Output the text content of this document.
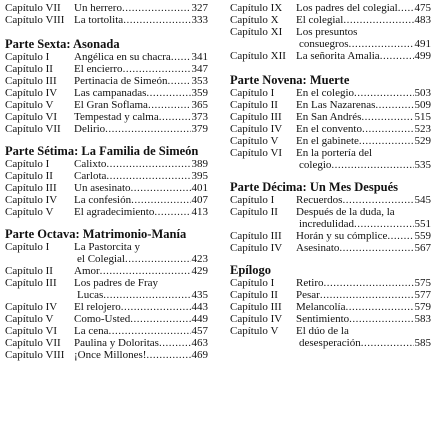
Capítulo VII	Un herrero .....	327
Capítulo VIII La tortolita .....	333
Parte Sexta: Asonada
Capítulo I	Angélica en su chacra ..... 341
Capítulo II	El encierro .....	347
Capítulo III	Pertinacia de Simeón ..... 353
Capítulo IV	Las campanadas .....	359
Capítulo V	El Gran Soflama .....	365
Capítulo VI	Tempestad y calma .....	373
Capítulo VII	Delirio .....	379
Parte Sétima: La Familia de Simeón
Capítulo I	Calixto .....	389
Capítulo II	Carlota .....	395
Capítulo III	Un asesinato .....	401
Capítulo IV	La confesión .....	407
Capítulo V	El agradecimiento .....	413
Parte Octava: Matrimonio-Manía
Capítulo I	La Pastorcita y
el Colegial .....	423
Capítulo II	Amor .....	429
Capítulo III	Los padres de Fray
Lucas .....	435
Capítulo IV	El relojero .....	443
Capítulo V	Como-Usted .....	449
Capítulo VI	La cena .....	457
Capítulo VII	Paulina y Doloritas .....	463
Capítulo VIII ¡Once Millones! .....	469
Capítulo IX	Los padres del colegial ..... 475
Capítulo X	El colegial .....	483
Capítulo XI	Los presuntos
consuegros .....	491
Capítulo XII La señorita Amalia .....	499
Parte Novena: Muerte
Capítulo I	En el colegio .....	503
Capítulo II	En Las Nazarenas .....	509
Capítulo III	En San Andrés .....	515
Capítulo IV	En el convento .....	523
Capítulo V	En el gabinete .....	529
Capítulo VI	En la portería del
colegio .....	535
Parte Décima: Un Mes Después
Capítulo I	Recuerdos .....	545
Capítulo II	Después de la duda, la
incredulidad .....	551
Capítulo III	Horán y su cómplice ..... 559
Capítulo IV	Asesinato .....	567
Epílogo
Capítulo I	Retiro .....	575
Capítulo II	Pesar .....	577
Capítulo III	Melancolía .....	579
Capítulo IV	Sentimiento .....	583
Capítulo V	El dúo de la
desesperación .....	585
